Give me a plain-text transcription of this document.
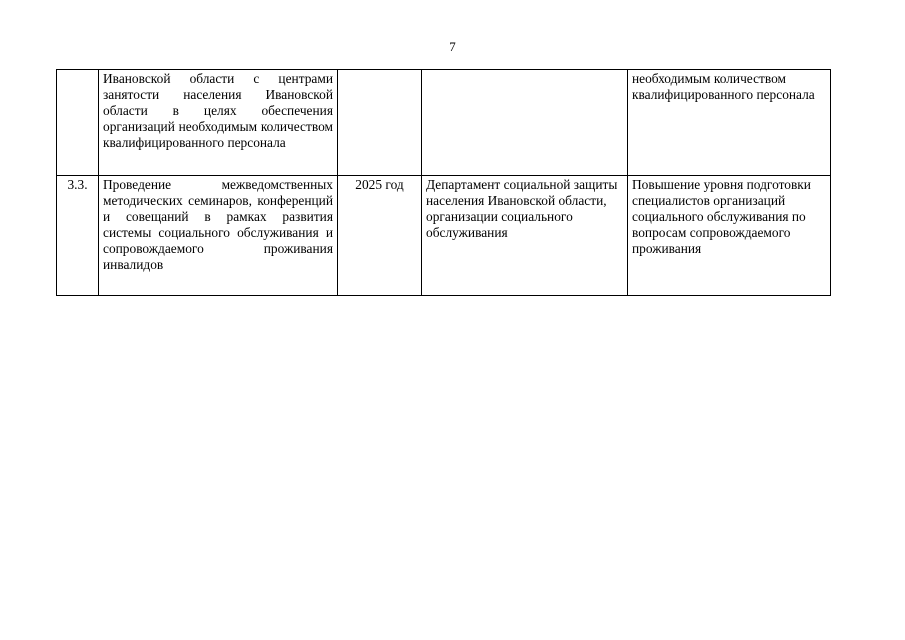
7
	Ивановской области с центрами занятости населения Ивановской области в целях обеспечения организаций необходимым количеством квалифицированного персонала			необходимым количеством квалифицированного персонала
3.3.	Проведение межведомственных методических семинаров, конференций и совещаний в рамках развития системы социального обслуживания и сопровождаемого проживания инвалидов	2025 год	Департамент социальной защиты населения Ивановской области, организации социального обслуживания	Повышение уровня подготовки специалистов организаций социального обслуживания по вопросам сопровождаемого проживания
